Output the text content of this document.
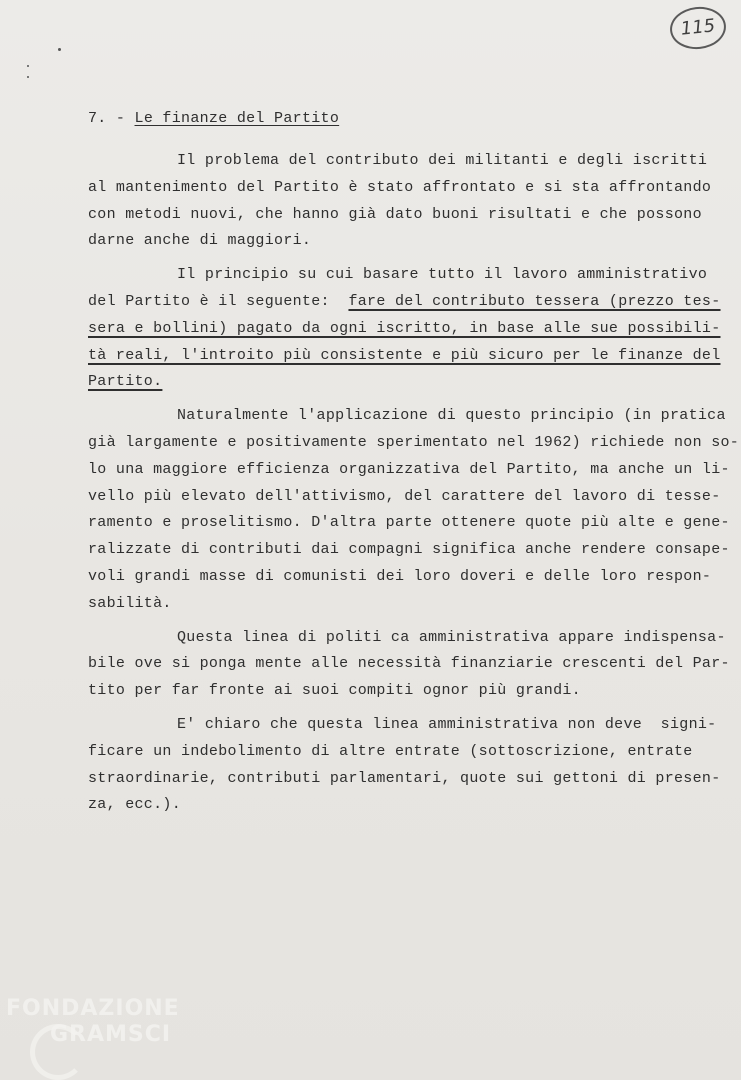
115
7. - Le finanze del Partito
Il problema del contributo dei militanti e degli iscritti
al mantenimento del Partito è stato affrontato e si sta affrontando
con metodi nuovi, che hanno già dato buoni risultati e che possono
darne anche di maggiori.
Il principio su cui basare tutto il lavoro amministrativo
del Partito è il seguente:  fare del contributo tessera (prezzo tes-
sera e bollini) pagato da ogni iscritto, in base alle sue possibili-
tà reali, l'introito più consistente e più sicuro per le finanze del
Partito.
Naturalmente l'applicazione di questo principio (in pratica
già largamente e positivamente sperimentato nel 1962) richiede non so-
lo una maggiore efficienza organizzativa del Partito, ma anche un li-
vello più elevato dell'attivismo, del carattere del lavoro di tesse-
ramento e proselitismo. D'altra parte ottenere quote più alte e gene-
ralizzate di contributi dai compagni significa anche rendere consape-
voli grandi masse di comunisti dei loro doveri e delle loro respon-
sabilità.
Questa linea di politi ca amministrativa appare indispensa-
bile ove si ponga mente alle necessità finanziarie crescenti del Par-
tito per far fronte ai suoi compiti ognor più grandi.
E' chiaro che questa linea amministrativa non deve  signi-
ficare un indebolimento di altre entrate (sottoscrizione, entrate
straordinarie, contributi parlamentari, quote sui gettoni di presen-
za, ecc.).
FONDAZIONE
GRAMSCI
